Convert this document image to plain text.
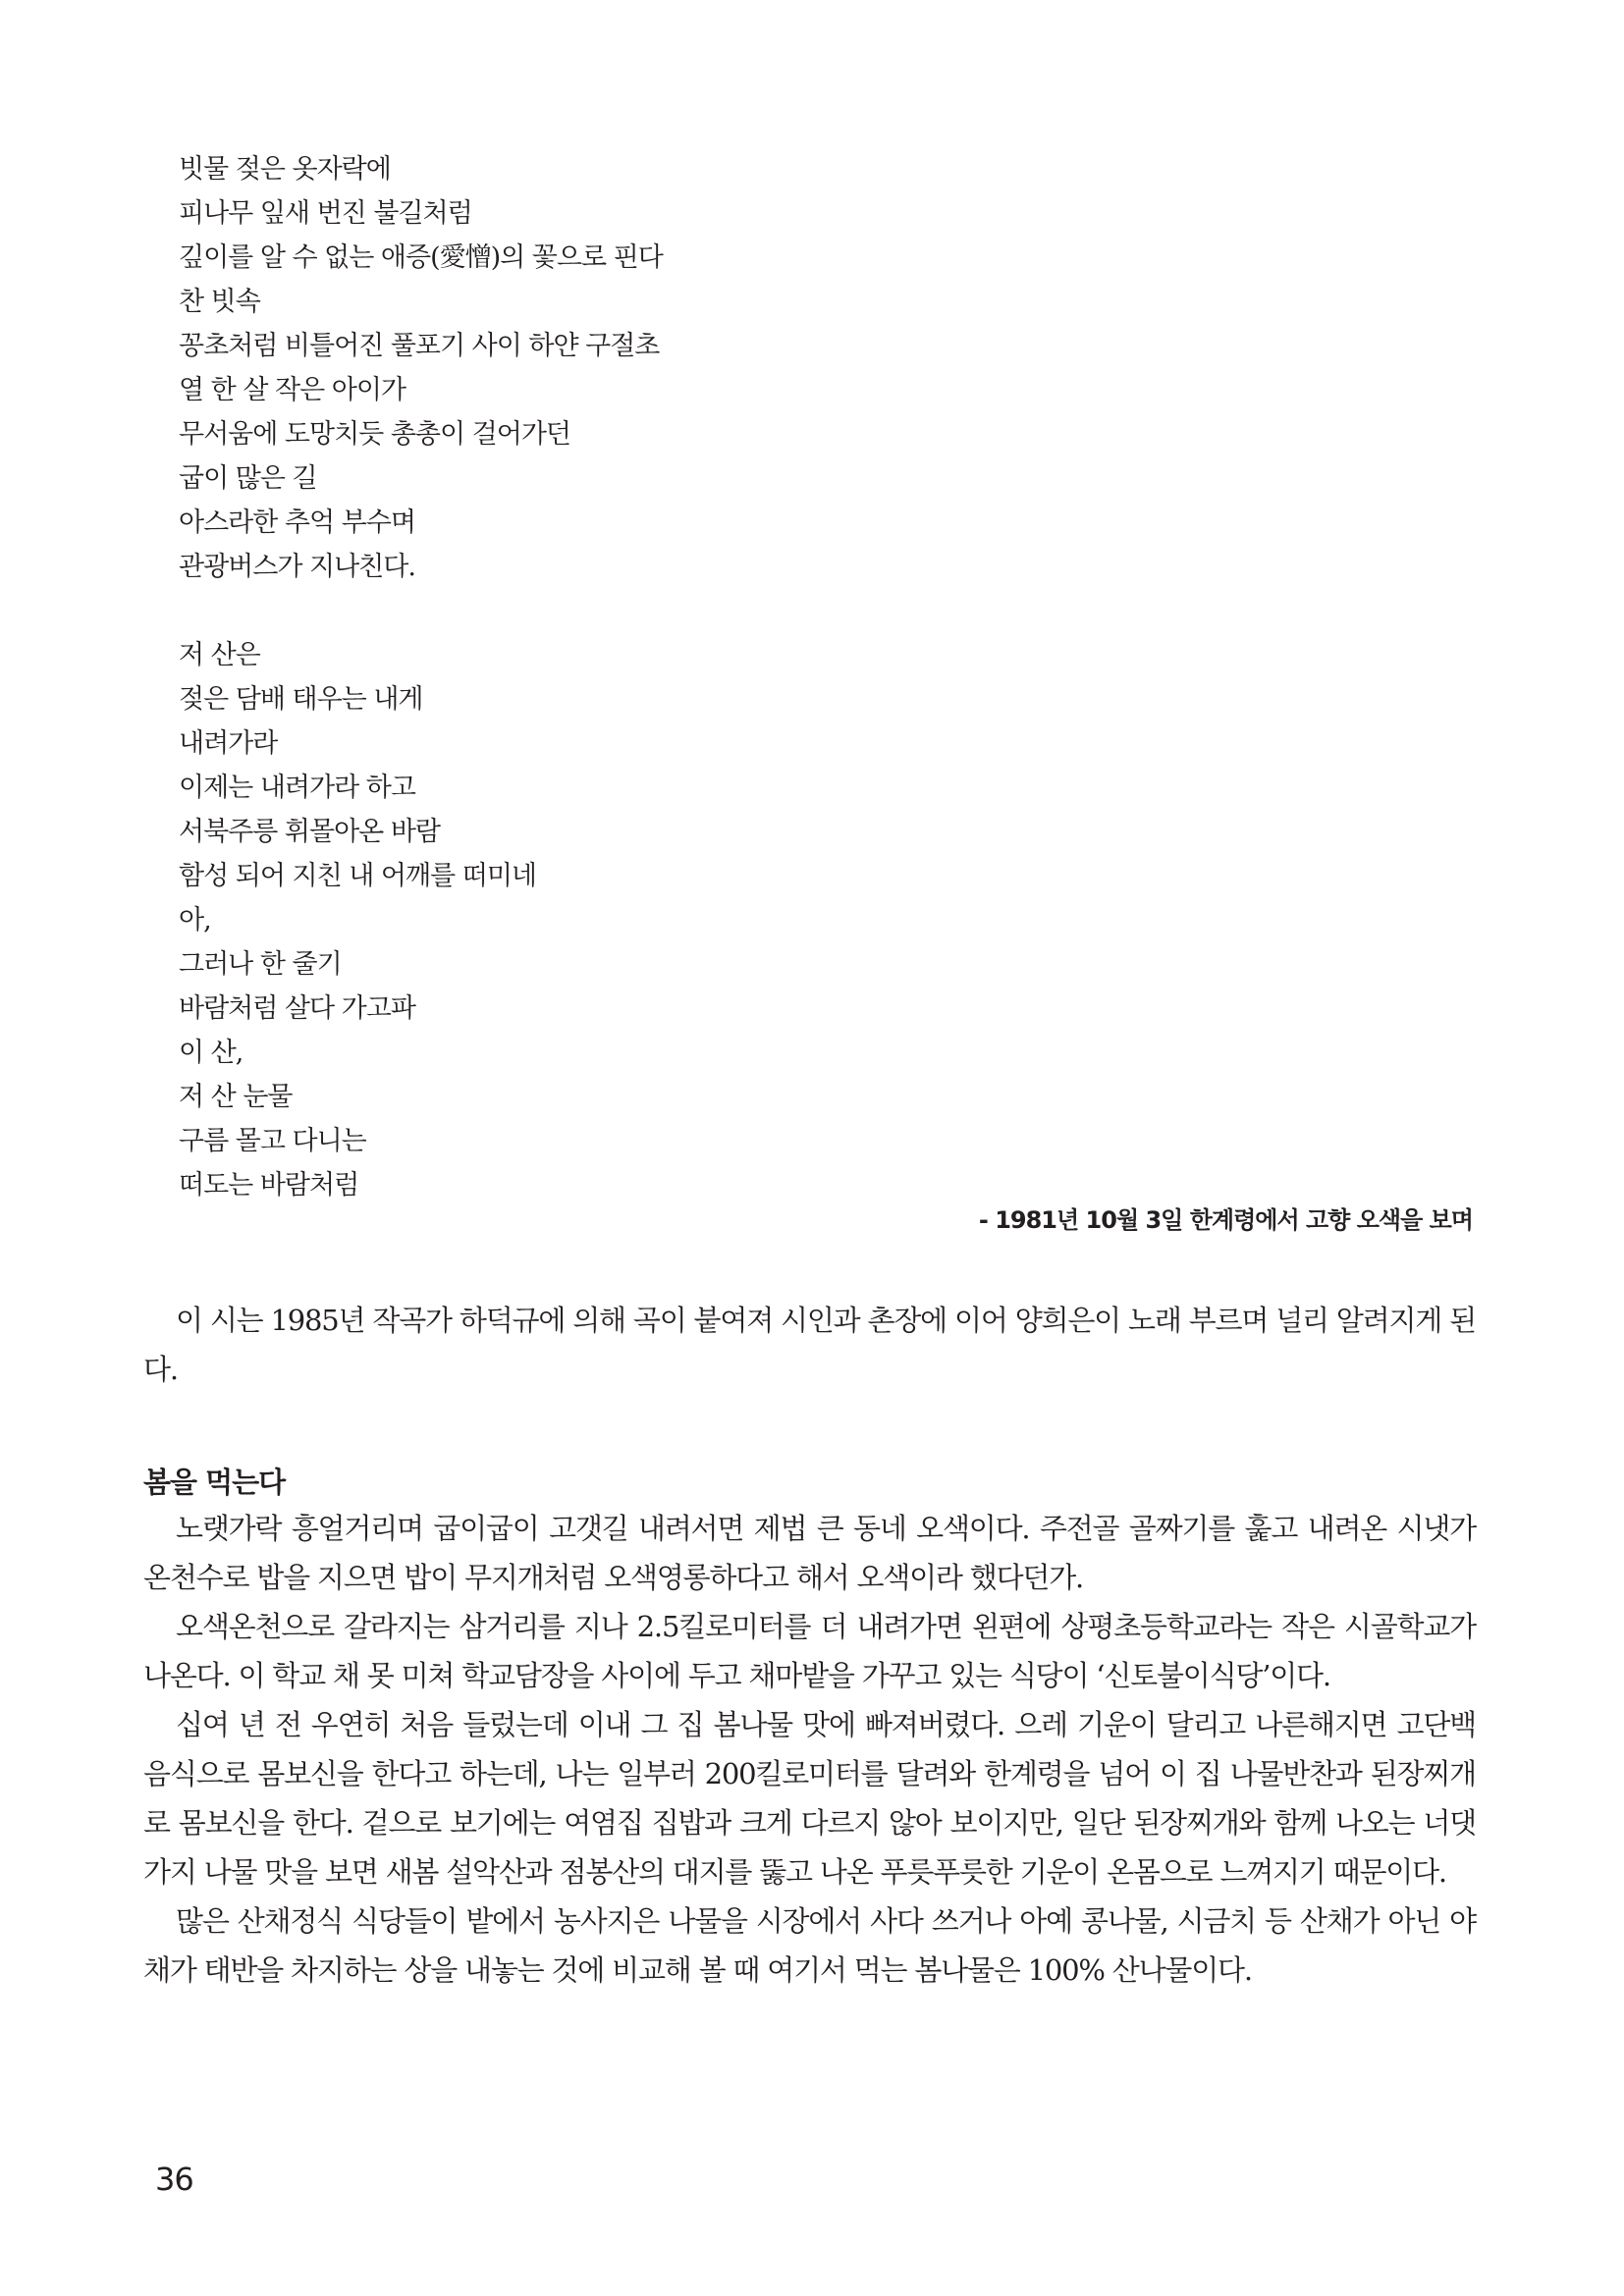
빗물 젖은 옷자락에
피나무 잎새 번진 불길처럼
깊이를 알 수 없는 애증(愛憎)의 꽃으로 핀다
찬 빗속
꽁초처럼 비틀어진 풀포기 사이 하얀 구절초
열 한 살 작은 아이가
무서움에 도망치듯 총총이 걸어가던
굽이 많은 길
아스라한 추억 부수며
관광버스가 지나친다.
저 산은
젖은 담배 태우는 내게
내려가라
이제는 내려가라 하고
서북주릉 휘몰아온 바람
함성 되어 지친 내 어깨를 떠미네
아,
그러나 한 줄기
바람처럼 살다 가고파
이 산,
저 산 눈물
구름 몰고 다니는
떠도는 바람처럼
- 1981년 10월 3일 한계령에서 고향 오색을 보며

이 시는 1985년 작곡가 하덕규에 의해 곡이 붙여져 시인과 촌장에 이어 양희은이 노래 부르며 널리 알려지게 된다.

봄을 먹는다

노랫가락 흥얼거리며 굽이굽이 고갯길 내려서면 제법 큰 동네 오색이다. 주전골 골짜기를 훑고 내려온 시냇가 온천수로 밥을 지으면 밥이 무지개처럼 오색영롱하다고 해서 오색이라 했다던가.

오색온천으로 갈라지는 삼거리를 지나 2.5킬로미터를 더 내려가면 왼편에 상평초등학교라는 작은 시골학교가 나온다. 이 학교 채 못 미쳐 학교담장을 사이에 두고 채마밭을 가꾸고 있는 식당이 ‘신토불이식당’이다.

십여 년 전 우연히 처음 들렀는데 이내 그 집 봄나물 맛에 빠져버렸다. 으레 기운이 달리고 나른해지면 고단백 음식으로 몸보신을 한다고 하는데, 나는 일부러 200킬로미터를 달려와 한계령을 넘어 이 집 나물반찬과 된장찌개로 몸보신을 한다. 겉으로 보기에는 여염집 집밥과 크게 다르지 않아 보이지만, 일단 된장찌개와 함께 나오는 너댓 가지 나물 맛을 보면 새봄 설악산과 점봉산의 대지를 뚫고 나온 푸릇푸릇한 기운이 온몸으로 느껴지기 때문이다.

많은 산채정식 식당들이 밭에서 농사지은 나물을 시장에서 사다 쓰거나 아예 콩나물, 시금치 등 산채가 아닌 야채가 태반을 차지하는 상을 내놓는 것에 비교해 볼 때 여기서 먹는 봄나물은 100% 산나물이다.

36
